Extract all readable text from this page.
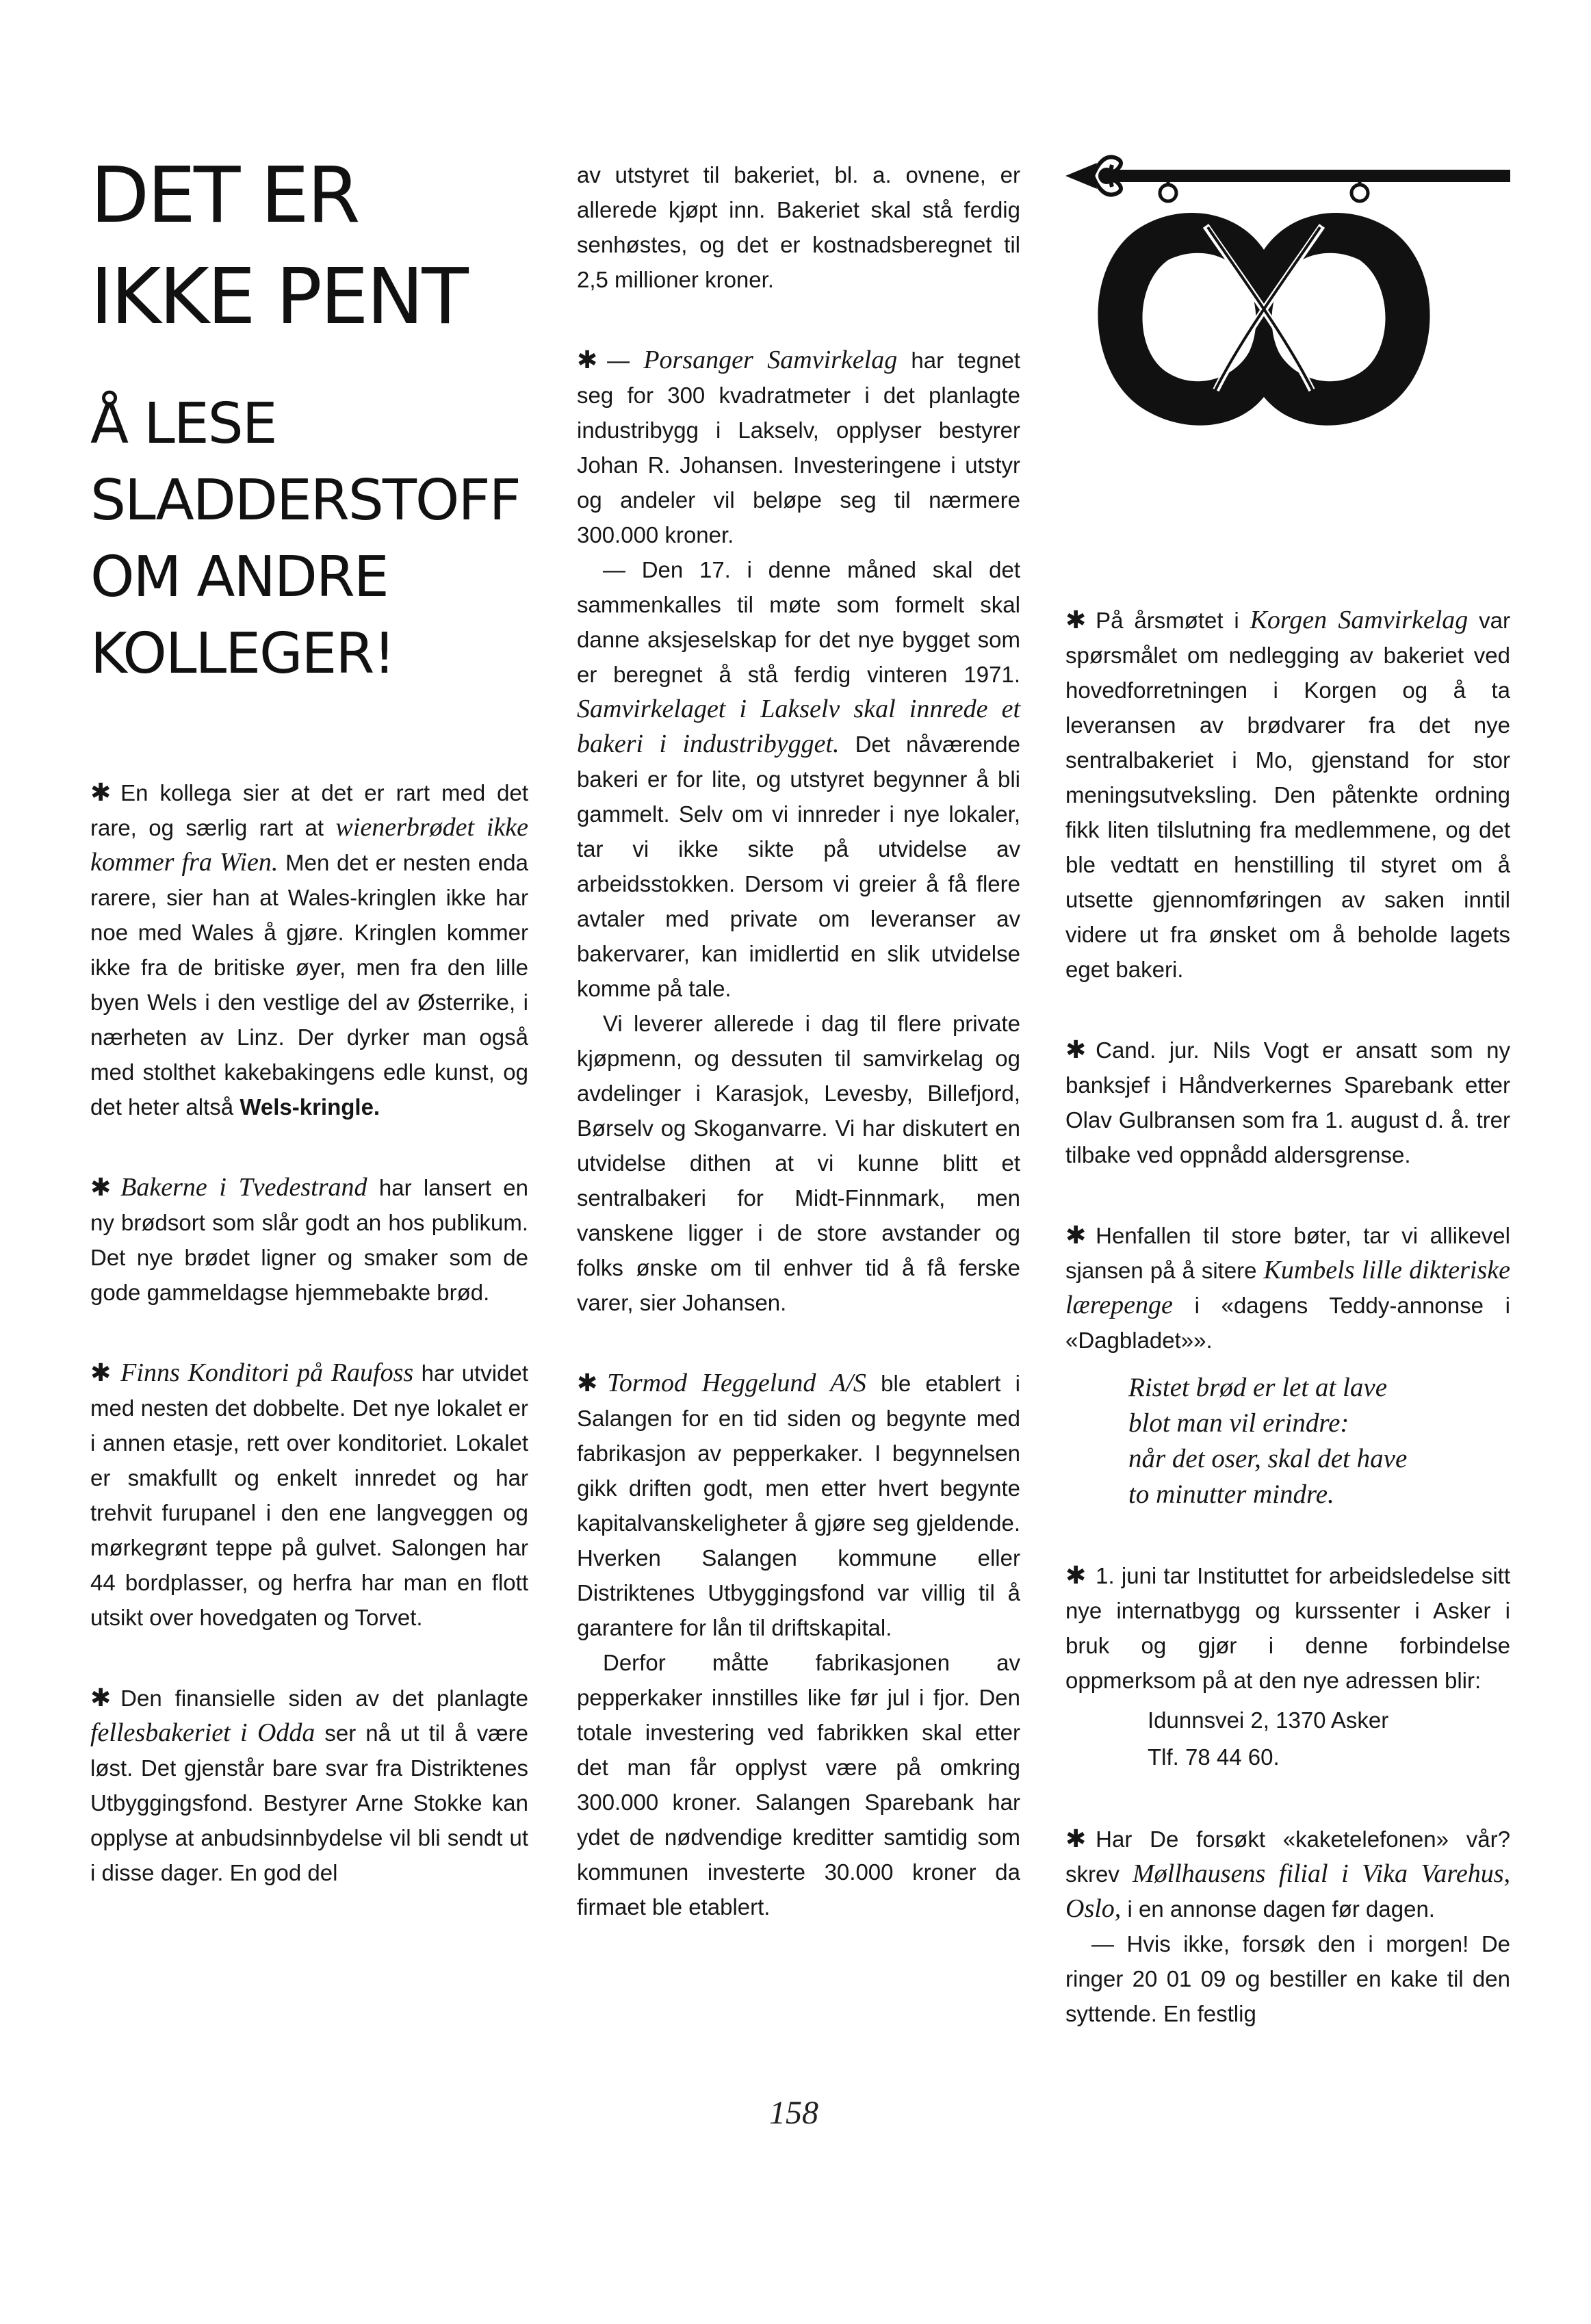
DET ER
IKKE PENT
Å LESE
SLADDERSTOFF
OM ANDRE
KOLLEGER!

✱ En kollega sier at det er rart med det rare, og særlig rart at wienerbrødet ikke kommer fra Wien. Men det er nesten enda rarere, sier han at Wales-kringlen ikke har noe med Wales å gjøre. Kringlen kommer ikke fra de britiske øyer, men fra den lille byen Wels i den vestlige del av Østerrike, i nærheten av Linz. Der dyrker man også med stolthet kakebakingens edle kunst, og det heter altså Wels-kringle.

✱ Bakerne i Tvedestrand har lansert en ny brødsort som slår godt an hos publikum. Det nye brødet ligner og smaker som de gode gammeldagse hjemmebakte brød.

✱ Finns Konditori på Raufoss har utvidet med nesten det dobbelte. Det nye lokalet er i annen etasje, rett over konditoriet. Lokalet er smakfullt og enkelt innredet og har trehvit furupanel i den ene langveggen og mørkegrønt teppe på gulvet. Salongen har 44 bordplasser, og herfra har man en flott utsikt over hovedgaten og Torvet.

✱ Den finansielle siden av det planlagte fellesbakeriet i Odda ser nå ut til å være løst. Det gjenstår bare svar fra Distriktenes Utbyggingsfond. Bestyrer Arne Stokke kan opplyse at anbudsinnbydelse vil bli sendt ut i disse dager. En god del

av utstyret til bakeriet, bl. a. ovnene, er allerede kjøpt inn. Bakeriet skal stå ferdig senhøstes, og det er kostnadsberegnet til 2,5 millioner kroner.

✱ — Porsanger Samvirkelag har tegnet seg for 300 kvadratmeter i det planlagte industribygg i Lakselv, opplyser bestyrer Johan R. Johansen. Investeringene i utstyr og andeler vil beløpe seg til nærmere 300.000 kroner.

— Den 17. i denne måned skal det sammenkalles til møte som formelt skal danne aksjeselskap for det nye bygget som er beregnet å stå ferdig vinteren 1971. Samvirkelaget i Lakselv skal innrede et bakeri i industribygget. Det nåværende bakeri er for lite, og utstyret begynner å bli gammelt. Selv om vi innreder i nye lokaler, tar vi ikke sikte på utvidelse av arbeidsstokken. Dersom vi greier å få flere avtaler med private om leveranser av bakervarer, kan imidlertid en slik utvidelse komme på tale.

Vi leverer allerede i dag til flere private kjøpmenn, og dessuten til samvirkelag og avdelinger i Karasjok, Levesby, Billefjord, Børselv og Skoganvarre. Vi har diskutert en utvidelse dithen at vi kunne blitt et sentralbakeri for Midt-Finnmark, men vanskene ligger i de store avstander og folks ønske om til enhver tid å få ferske varer, sier Johansen.

✱ Tormod Heggelund A/S ble etablert i Salangen for en tid siden og begynte med fabrikasjon av pepperkaker. I begynnelsen gikk driften godt, men etter hvert begynte kapitalvanskeligheter å gjøre seg gjeldende. Hverken Salangen kommune eller Distriktenes Utbyggingsfond var villig til å garantere for lån til driftskapital.

Derfor måtte fabrikasjonen av pepperkaker innstilles like før jul i fjor. Den totale investering ved fabrikken skal etter det man får opplyst være på omkring 300.000 kroner. Salangen Sparebank har ydet de nødvendige kreditter samtidig som kommunen investerte 30.000 kroner da firmaet ble etablert.

✱ På årsmøtet i Korgen Samvirkelag var spørsmålet om nedlegging av bakeriet ved hovedforretningen i Korgen og å ta leveransen av brødvarer fra det nye sentralbakeriet i Mo, gjenstand for stor meningsutveksling. Den påtenkte ordning fikk liten tilslutning fra medlemmene, og det ble vedtatt en henstilling til styret om å utsette gjennomføringen av saken inntil videre ut fra ønsket om å beholde lagets eget bakeri.

✱ Cand. jur. Nils Vogt er ansatt som ny banksjef i Håndverkernes Sparebank etter Olav Gulbransen som fra 1. august d. å. trer tilbake ved oppnådd aldersgrense.

✱ Henfallen til store bøter, tar vi allikevel sjansen på å sitere Kumbels lille dikteriske lærepenge i «dagens Teddy-annonse i «Dagbladet»».

Ristet brød er let at lave
blot man vil erindre:
når det oser, skal det have
to minutter mindre.

✱ 1. juni tar Instituttet for arbeidsledelse sitt nye internatbygg og kurssenter i Asker i bruk og gjør i denne forbindelse oppmerksom på at den nye adressen blir:

Idunnsvei 2, 1370 Asker
Tlf. 78 44 60.

✱ Har De forsøkt «kaketelefonen» vår? skrev Møllhausens filial i Vika Varehus, Oslo, i en annonse dagen før dagen.

— Hvis ikke, forsøk den i morgen! De ringer 20 01 09 og bestiller en kake til den syttende. En festlig

158
